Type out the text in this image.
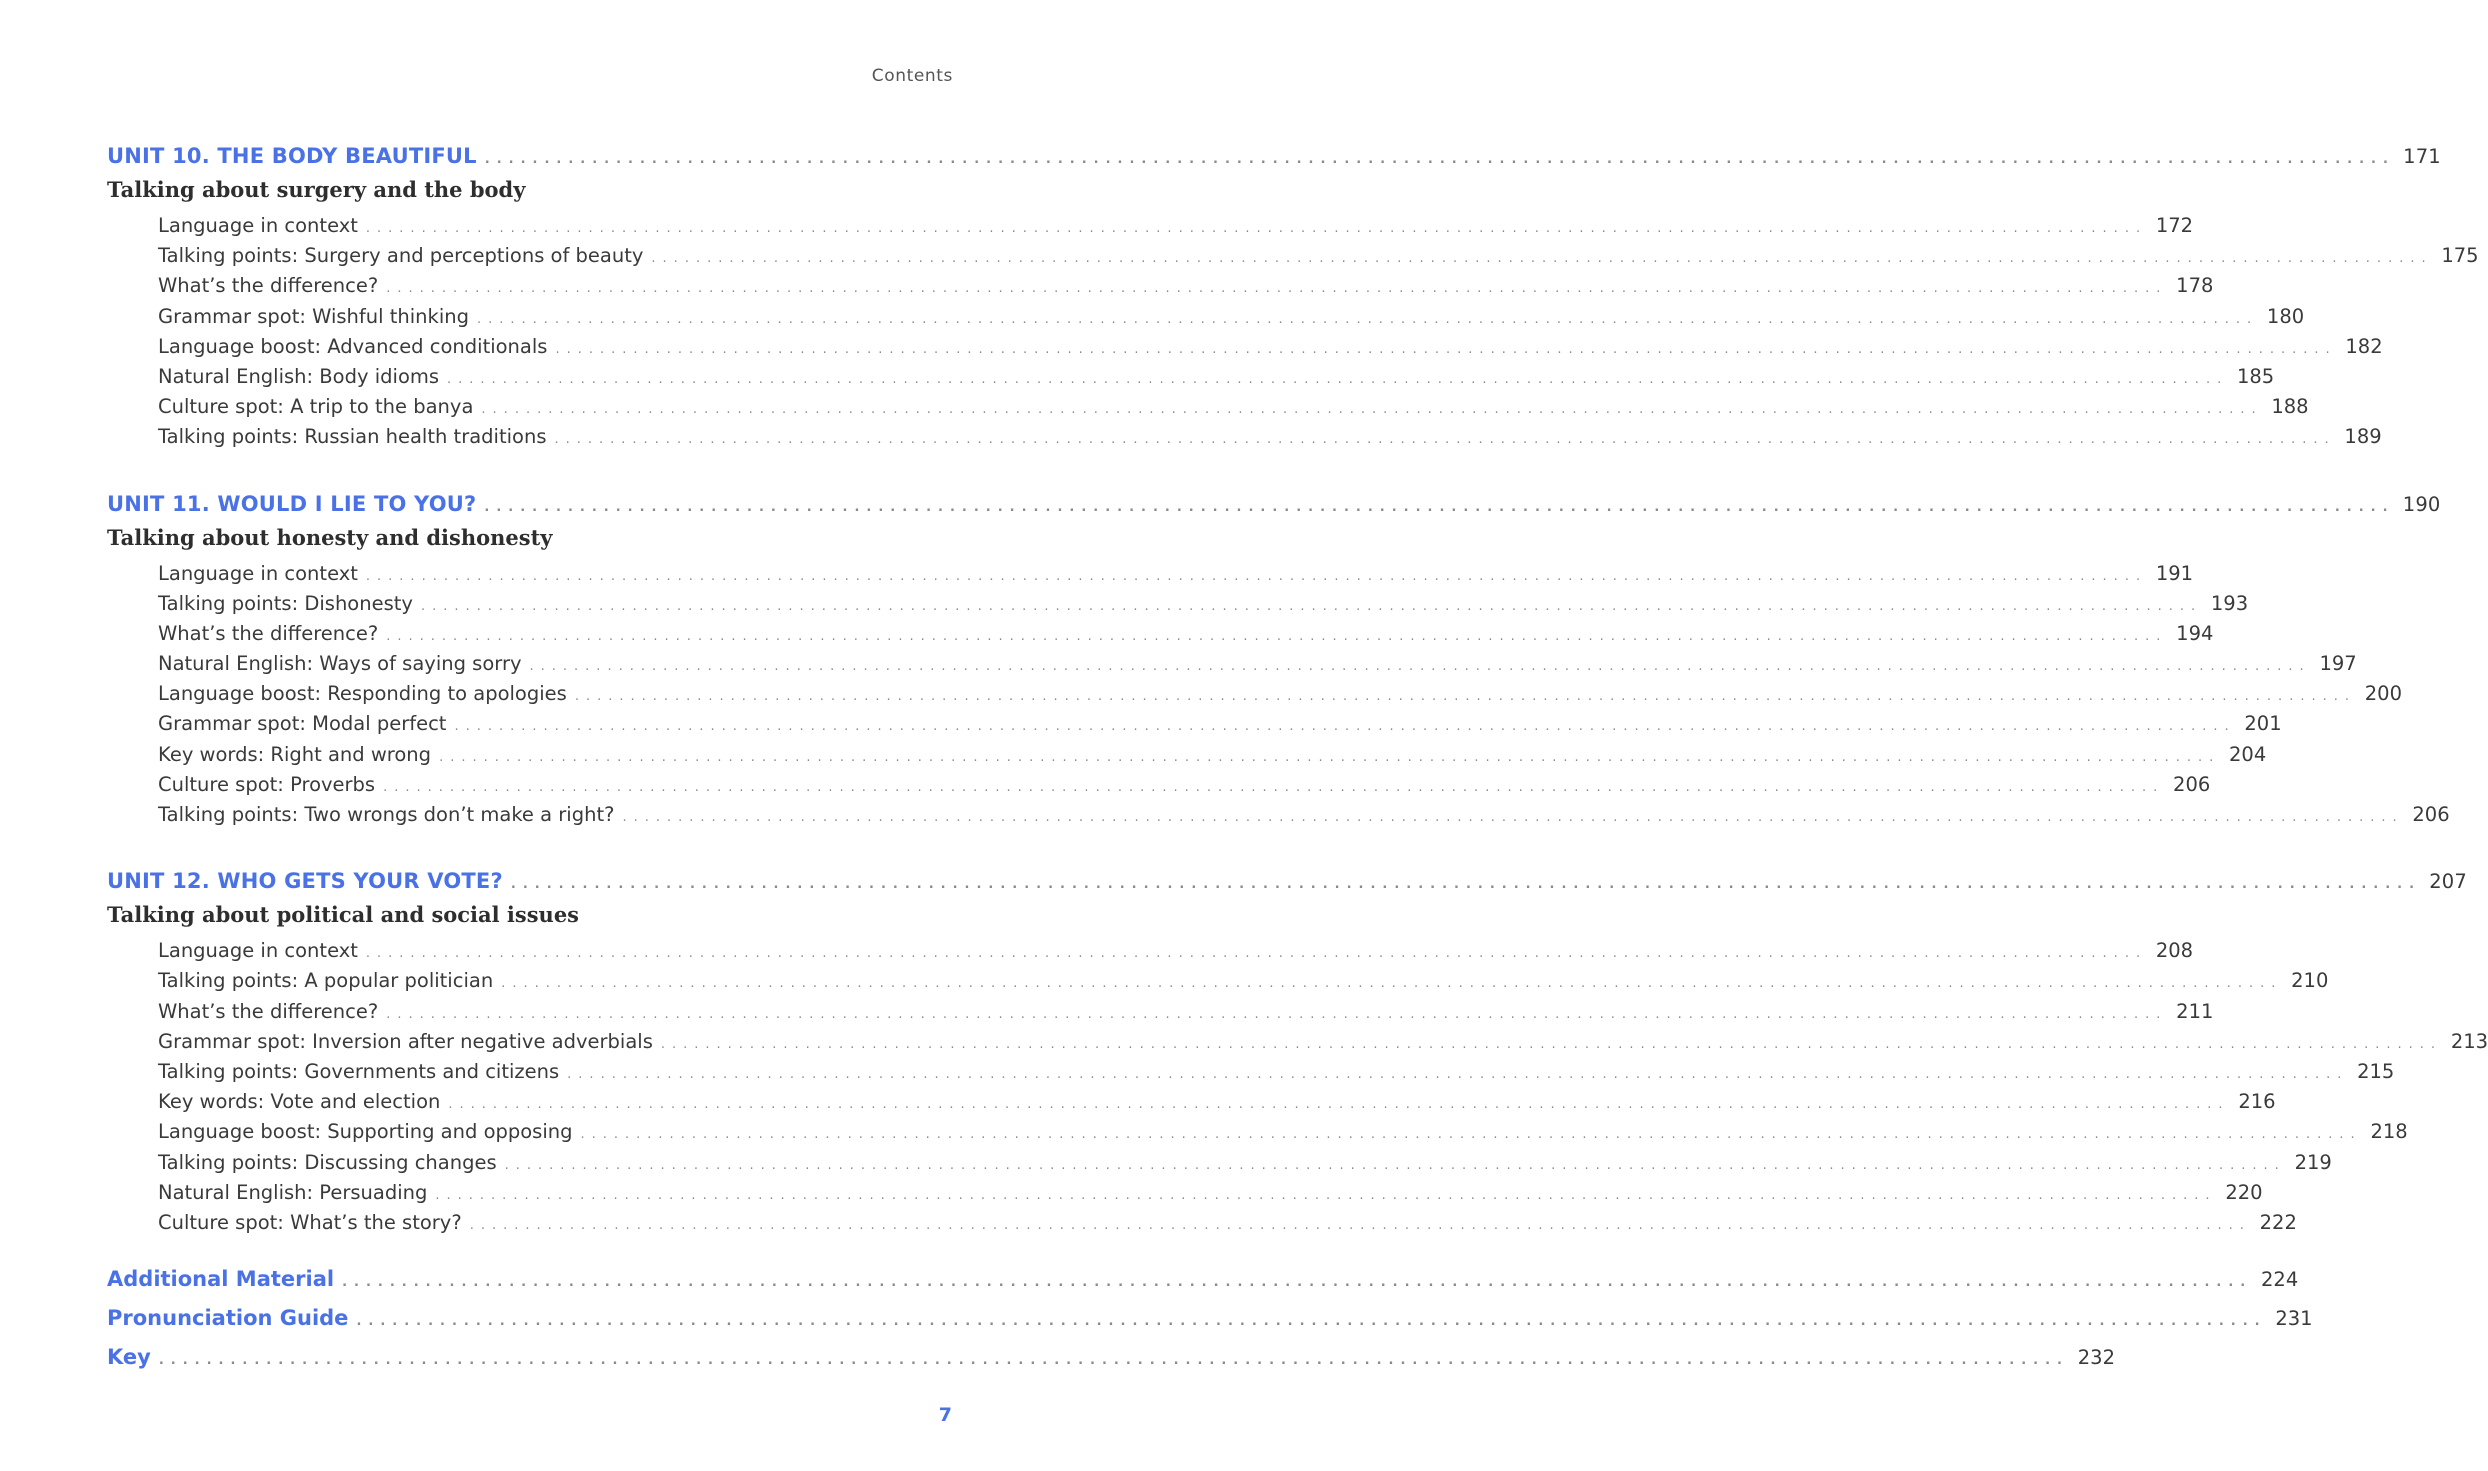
Contents
UNIT 10. THE BODY BEAUTIFUL ................................................................................................................................................................ 171
Talking about surgery and the body
Language in context ................................................................................................................................................................ 172
Talking points: Surgery and perceptions of beauty ................................................................................................................................................................ 175
What’s the difference? ................................................................................................................................................................ 178
Grammar spot: Wishful thinking ................................................................................................................................................................ 180
Language boost: Advanced conditionals ................................................................................................................................................................ 182
Natural English: Body idioms ................................................................................................................................................................ 185
Culture spot: A trip to the banya ................................................................................................................................................................ 188
Talking points: Russian health traditions ................................................................................................................................................................ 189
UNIT 11. WOULD I LIE TO YOU? ................................................................................................................................................................ 190
Talking about honesty and dishonesty
Language in context ................................................................................................................................................................ 191
Talking points: Dishonesty ................................................................................................................................................................ 193
What’s the difference? ................................................................................................................................................................ 194
Natural English: Ways of saying sorry ................................................................................................................................................................ 197
Language boost: Responding to apologies ................................................................................................................................................................ 200
Grammar spot: Modal perfect ................................................................................................................................................................ 201
Key words: Right and wrong ................................................................................................................................................................ 204
Culture spot: Proverbs ................................................................................................................................................................ 206
Talking points: Two wrongs don’t make a right? ................................................................................................................................................................ 206
UNIT 12. WHO GETS YOUR VOTE? ................................................................................................................................................................ 207
Talking about political and social issues
Language in context ................................................................................................................................................................ 208
Talking points: A popular politician ................................................................................................................................................................ 210
What’s the difference? ................................................................................................................................................................ 211
Grammar spot: Inversion after negative adverbials ................................................................................................................................................................ 213
Talking points: Governments and citizens ................................................................................................................................................................ 215
Key words: Vote and election ................................................................................................................................................................ 216
Language boost: Supporting and opposing ................................................................................................................................................................ 218
Talking points: Discussing changes ................................................................................................................................................................ 219
Natural English: Persuading ................................................................................................................................................................ 220
Culture spot: What’s the story? ................................................................................................................................................................ 222
Additional Material ................................................................................................................................................................ 224
Pronunciation Guide ................................................................................................................................................................ 231
Key ................................................................................................................................................................ 232
7
